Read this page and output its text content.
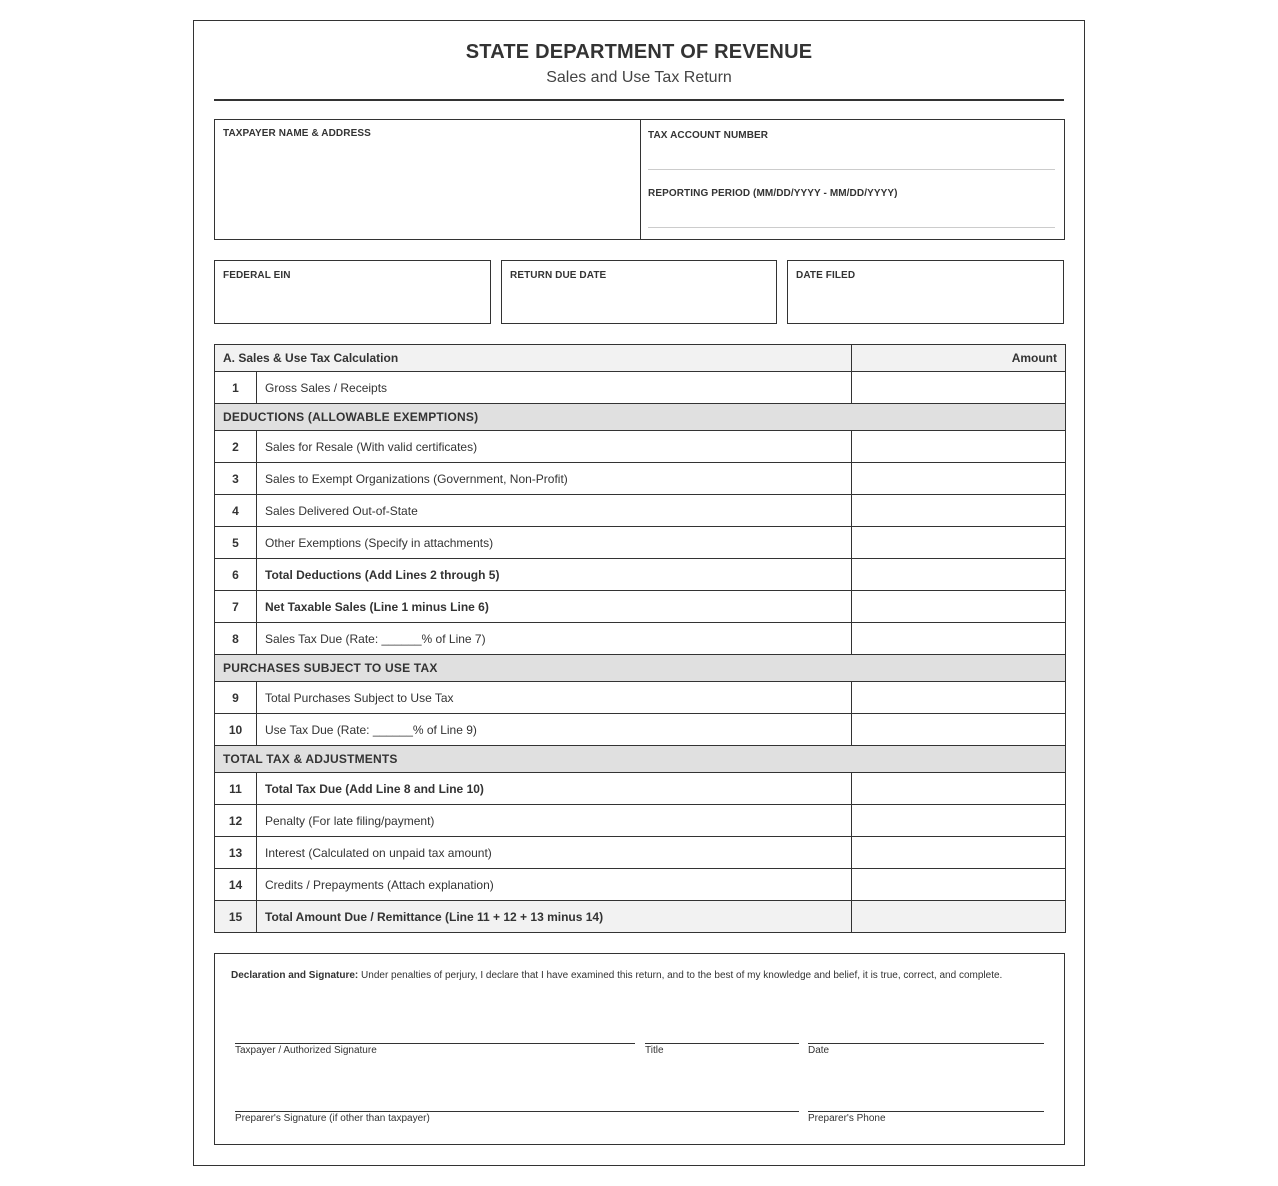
STATE DEPARTMENT OF REVENUE
Sales and Use Tax Return
TAXPAYER NAME & ADDRESS	TAX ACCOUNT NUMBER
REPORTING PERIOD (MM/DD/YYYY - MM/DD/YYYY)
FEDERAL EIN	RETURN DUE DATE	DATE FILED
A. Sales & Use Tax Calculation		Amount
1	Gross Sales / Receipts	
DEDUCTIONS (ALLOWABLE EXEMPTIONS)		
2	Sales for Resale (With valid certificates)	
3	Sales to Exempt Organizations (Government, Non-Profit)	
4	Sales Delivered Out-of-State	
5	Other Exemptions (Specify in attachments)	
6	Total Deductions (Add Lines 2 through 5)	
7	Net Taxable Sales (Line 1 minus Line 6)	
8	Sales Tax Due (Rate: ______% of Line 7)	
PURCHASES SUBJECT TO USE TAX		
9	Total Purchases Subject to Use Tax	
10	Use Tax Due (Rate: ______% of Line 9)	
TOTAL TAX & ADJUSTMENTS		
11	Total Tax Due (Add Line 8 and Line 10)	
12	Penalty (For late filing/payment)	
13	Interest (Calculated on unpaid tax amount)	
14	Credits / Prepayments (Attach explanation)	
15	Total Amount Due / Remittance (Line 11 + 12 + 13 minus 14)	
Declaration and Signature: Under penalties of perjury, I declare that I have examined this return, and to the best of my knowledge and belief, it is true, correct, and complete.
Taxpayer / Authorized Signature	Title	Date
Preparer's Signature (if other than taxpayer)	Preparer's Phone
